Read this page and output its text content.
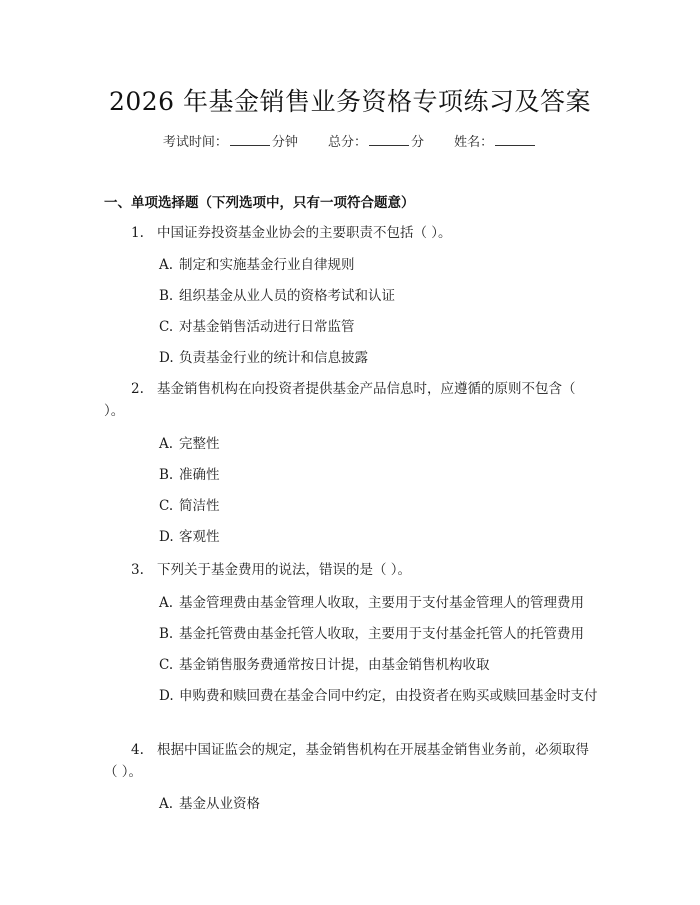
2026 年基金销售业务资格专项练习及答案
考试时间：	分钟 总分：	分 姓名：
一、单项选择题（下列选项中，只有一项符合题意）
1. 中国证券投资基金业协会的主要职责不包括（ ）。
A. 制定和实施基金行业自律规则
B. 组织基金从业人员的资格考试和认证
C. 对基金销售活动进行日常监管
D. 负责基金行业的统计和信息披露
2. 基金销售机构在向投资者提供基金产品信息时，应遵循的原则不包含（ ）。
A. 完整性
B. 准确性
C. 简洁性
D. 客观性
3. 下列关于基金费用的说法，错误的是（ ）。
A. 基金管理费由基金管理人收取，主要用于支付基金管理人的管理费用
B. 基金托管费由基金托管人收取，主要用于支付基金托管人的托管费用
C. 基金销售服务费通常按日计提，由基金销售机构收取
D. 申购费和赎回费在基金合同中约定，由投资者在购买或赎回基金时支付
4. 根据中国证监会的规定，基金销售机构在开展基金销售业务前，必须取得（ ）。
A. 基金从业资格
